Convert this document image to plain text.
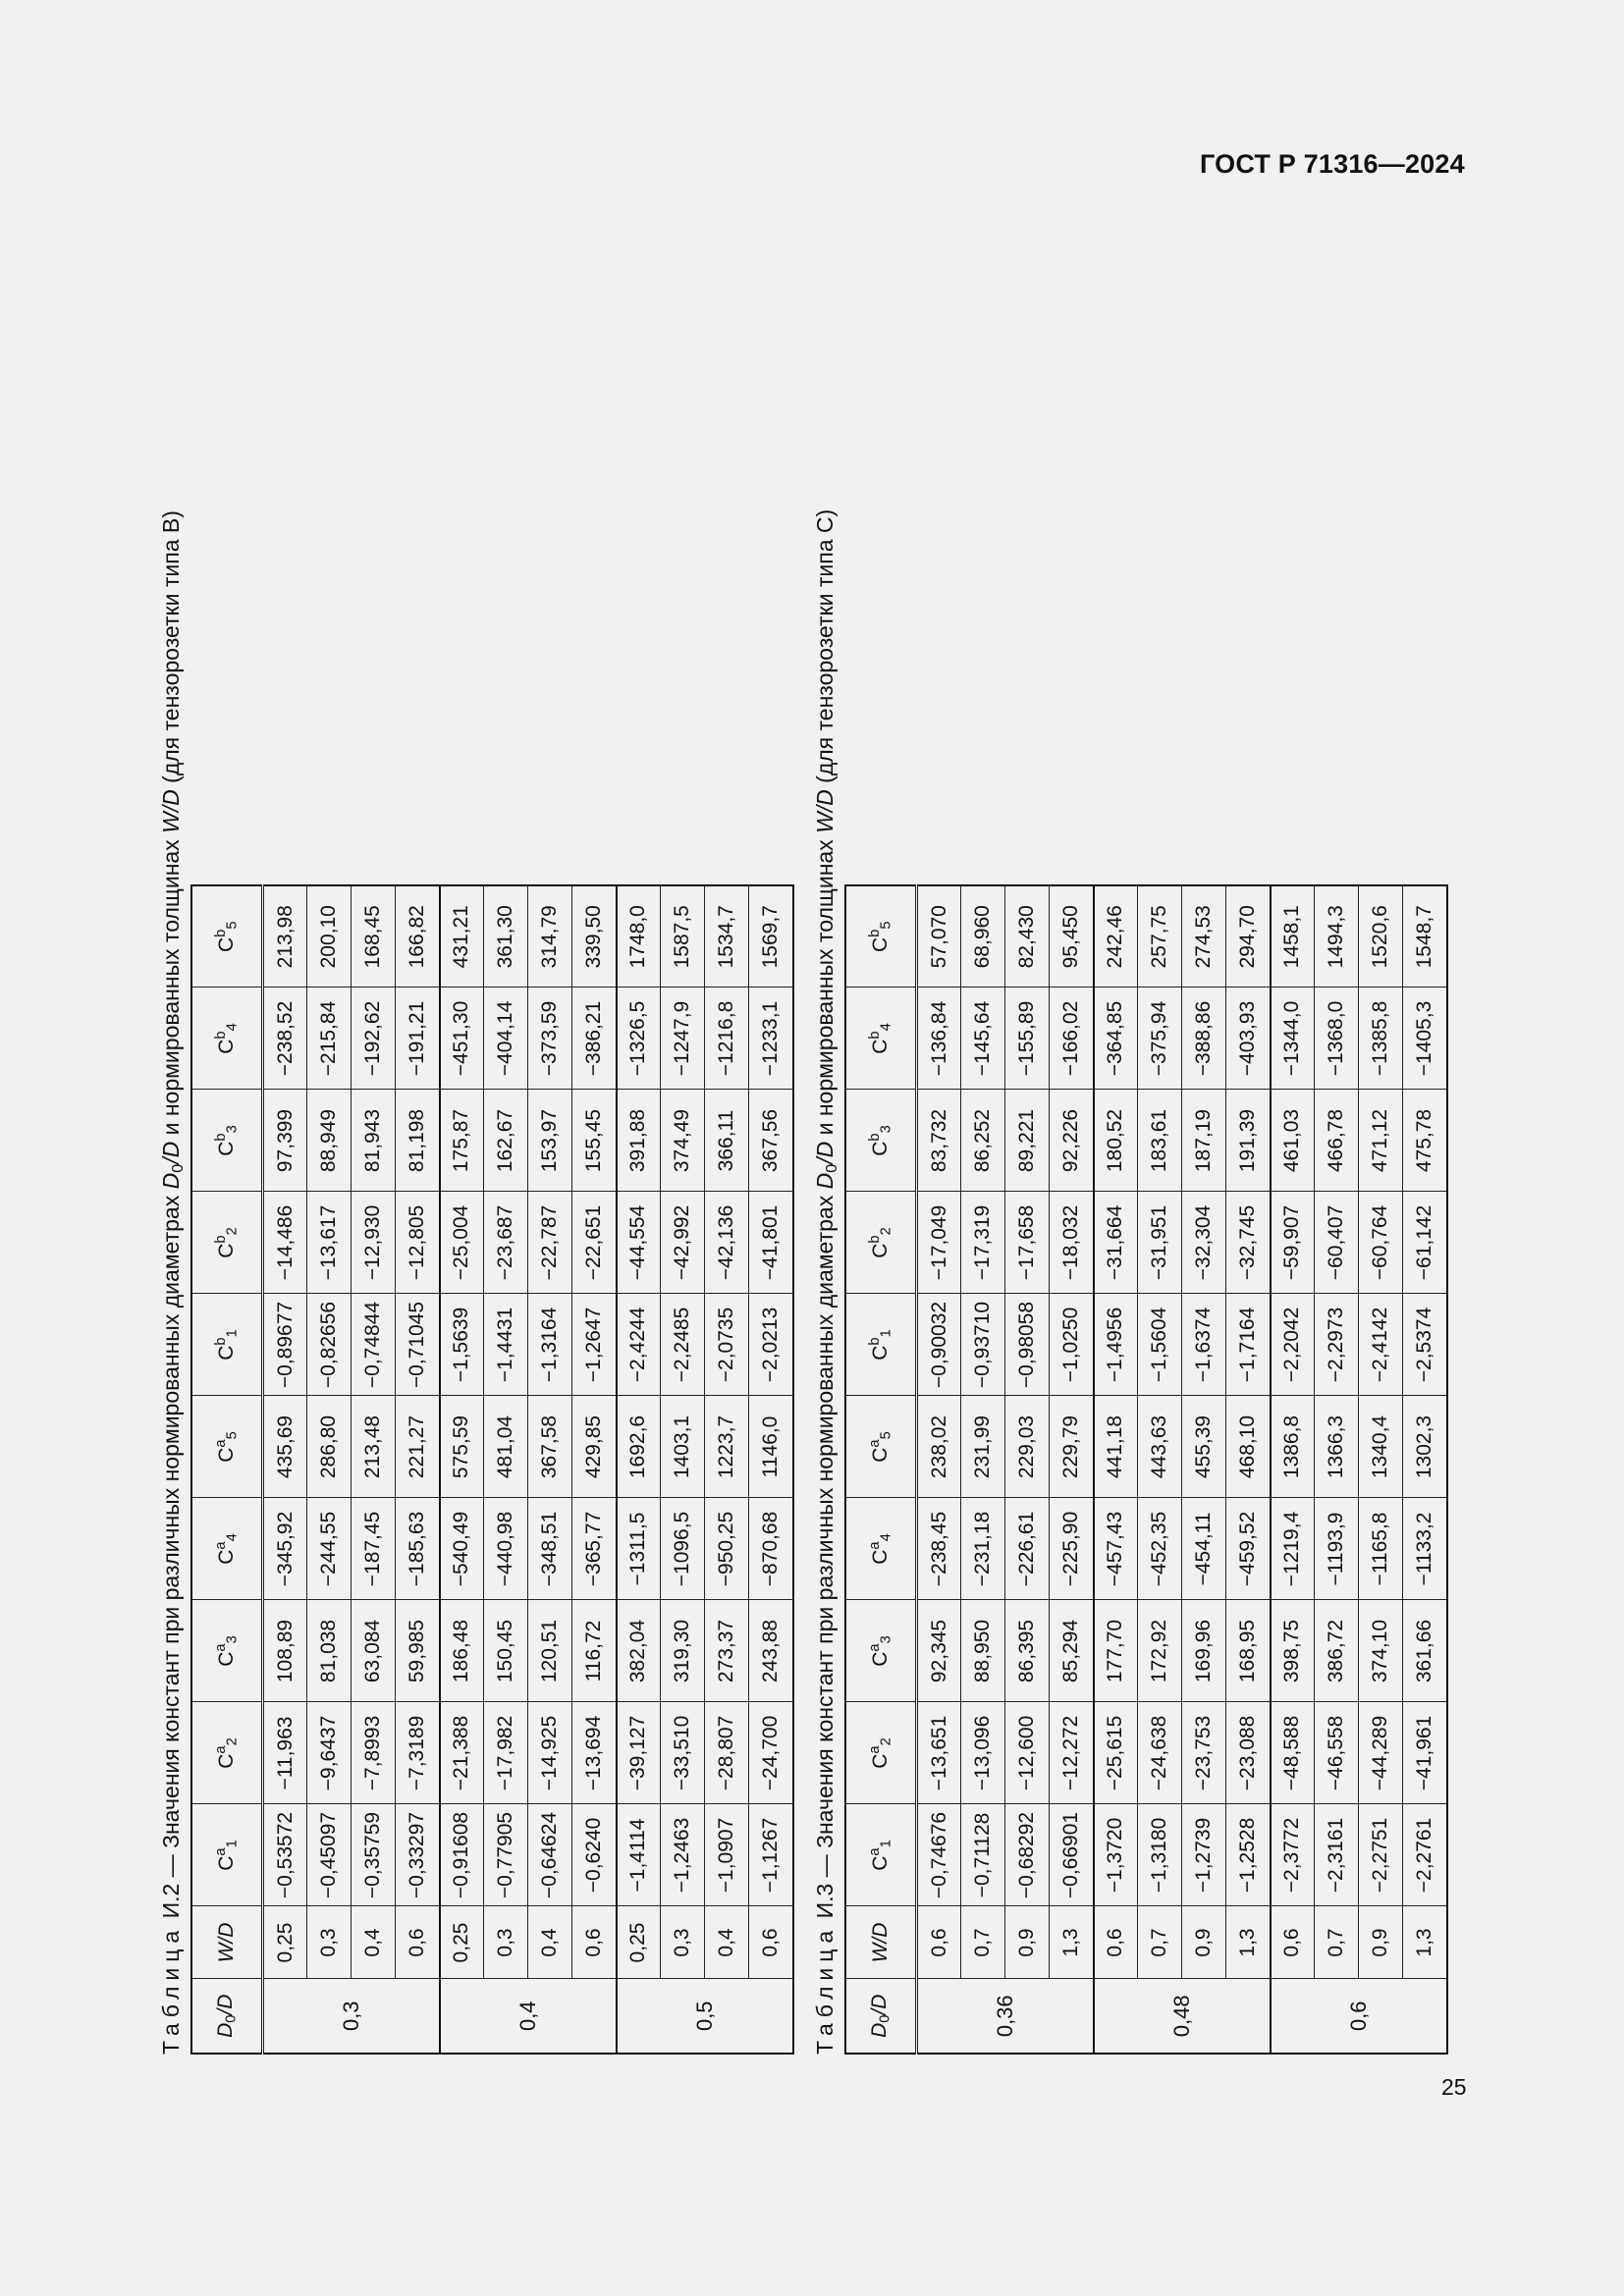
ГОСТ Р 71316—2024
Таблица И.2 — Значения констант при различных нормированных диаметрах $D_0/D$ и нормированных толщинах W/D (для тензорозетки типа B)
$D_0/D$	W/D	$C^a_1$	$C^a_2$	$C^a_3$	$C^a_4$	$C^a_5$	$C^b_1$	$C^b_2$	$C^b_3$	$C^b_4$	$C^b_5$
0,3	0,25	−0,53572	−11,963	108,89	−345,92	435,69	−0,89677	−14,486	97,399	−238,52	213,98
	0,3	−0,45097	−9,6437	81,038	−244,55	286,80	−0,82656	−13,617	88,949	−215,84	200,10
	0,4	−0,35759	−7,8993	63,084	−187,45	213,48	−0,74844	−12,930	81,943	−192,62	168,45
	0,6	−0,33297	−7,3189	59,985	−185,63	221,27	−0,71045	−12,805	81,198	−191,21	166,82
0,4	0,25	−0,91608	−21,388	186,48	−540,49	575,59	−1,5639	−25,004	175,87	−451,30	431,21
	0,3	−0,77905	−17,982	150,45	−440,98	481,04	−1,4431	−23,687	162,67	−404,14	361,30
	0,4	−0,64624	−14,925	120,51	−348,51	367,58	−1,3164	−22,787	153,97	−373,59	314,79
	0,6	−0,6240	−13,694	116,72	−365,77	429,85	−1,2647	−22,651	155,45	−386,21	339,50
0,5	0,25	−1,4114	−39,127	382,04	−1311,5	1692,6	−2,4244	−44,554	391,88	−1326,5	1748,0
	0,3	−1,2463	−33,510	319,30	−1096,5	1403,1	−2,2485	−42,992	374,49	−1247,9	1587,5
	0,4	−1,0907	−28,807	273,37	−950,25	1223,7	−2,0735	−42,136	366,11	−1216,8	1534,7
	0,6	−1,1267	−24,700	243,88	−870,68	1146,0	−2,0213	−41,801	367,56	−1233,1	1569,7
Таблица И.3 — Значения констант при различных нормированных диаметрах $D_0/D$ и нормированных толщинах W/D (для тензорозетки типа C)
$D_0/D$	W/D	$C^a_1$	$C^a_2$	$C^a_3$	$C^a_4$	$C^a_5$	$C^b_1$	$C^b_2$	$C^b_3$	$C^b_4$	$C^b_5$
0,36	0,6	−0,74676	−13,651	92,345	−238,45	238,02	−0,90032	−17,049	83,732	−136,84	57,070
	0,7	−0,71128	−13,096	88,950	−231,18	231,99	−0,93710	−17,319	86,252	−145,64	68,960
	0,9	−0,68292	−12,600	86,395	−226,61	229,03	−0,98058	−17,658	89,221	−155,89	82,430
	1,3	−0,66901	−12,272	85,294	−225,90	229,79	−1,0250	−18,032	92,226	−166,02	95,450
0,48	0,6	−1,3720	−25,615	177,70	−457,43	441,18	−1,4956	−31,664	180,52	−364,85	242,46
	0,7	−1,3180	−24,638	172,92	−452,35	443,63	−1,5604	−31,951	183,61	−375,94	257,75
	0,9	−1,2739	−23,753	169,96	−454,11	455,39	−1,6374	−32,304	187,19	−388,86	274,53
	1,3	−1,2528	−23,088	168,95	−459,52	468,10	−1,7164	−32,745	191,39	−403,93	294,70
0,6	0,6	−2,3772	−48,588	398,75	−1219,4	1386,8	−2,2042	−59,907	461,03	−1344,0	1458,1
	0,7	−2,3161	−46,558	386,72	−1193,9	1366,3	−2,2973	−60,407	466,78	−1368,0	1494,3
	0,9	−2,2751	−44,289	374,10	−1165,8	1340,4	−2,4142	−60,764	471,12	−1385,8	1520,6
	1,3	−2,2761	−41,961	361,66	−1133,2	1302,3	−2,5374	−61,142	475,78	−1405,3	1548,7
25
